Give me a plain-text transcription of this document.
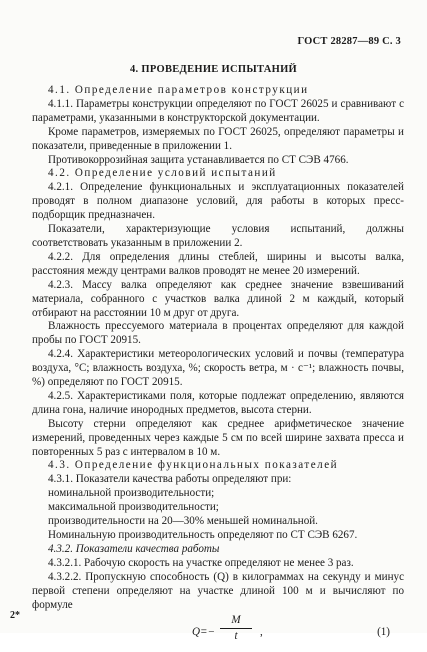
ГОСТ 28287—89 С. 3
4. ПРОВЕДЕНИЕ ИСПЫТАНИЙ

4.1. Определение параметров конструкции

4.1.1. Параметры конструкции определяют по ГОСТ 26025 и сравнивают с параметрами, указанными в конструкторской документации.

Кроме параметров, измеряемых по ГОСТ 26025, определяют параметры и показатели, приведенные в приложении 1.

Противокоррозийная защита устанавливается по СТ СЭВ 4766.

4.2. Определение условий испытаний

4.2.1. Определение функциональных и эксплуатационных показателей проводят в полном диапазоне условий, для работы в которых пресс-подборщик предназначен.

Показатели, характеризующие условия испытаний, должны соответствовать указанным в приложении 2.

4.2.2. Для определения длины стеблей, ширины и высоты валка, расстояния между центрами валков проводят не менее 20 измерений.

4.2.3. Массу валка определяют как среднее значение взвешиваний материала, собранного с участков валка длиной 2 м каждый, который отбирают на расстоянии 10 м друг от друга.

Влажность прессуемого материала в процентах определяют для каждой пробы по ГОСТ 20915.

4.2.4. Характеристики метеорологических условий и почвы (температура воздуха, °С; влажность воздуха, %; скорость ветра, м · с⁻¹; влажность почвы, %) определяют по ГОСТ 20915.

4.2.5. Характеристиками поля, которые подлежат определению, являются длина гона, наличие инородных предметов, высота стерни.

Высоту стерни определяют как среднее арифметическое значение измерений, проведенных через каждые 5 см по всей ширине захвата пресса и повторенных 5 раз с интервалом в 10 м.

4.3. Определение функциональных показателей

4.3.1. Показатели качества работы определяют при:

номинальной производительности;

максимальной производительности;

производительности на 20—30% меньшей номинальной.

Номинальную производительность определяют по СТ СЭВ 6267.

4.3.2. Показатели качества работы

4.3.2.1. Рабочую скорость на участке определяют не менее 3 раз.

4.3.2.2. Пропускную способность (Q) в килограммах на секунду и минус первой степени определяют на участке длиной 100 м и вычисляют по формуле

Q=−
M
t	,	(1)
2*
